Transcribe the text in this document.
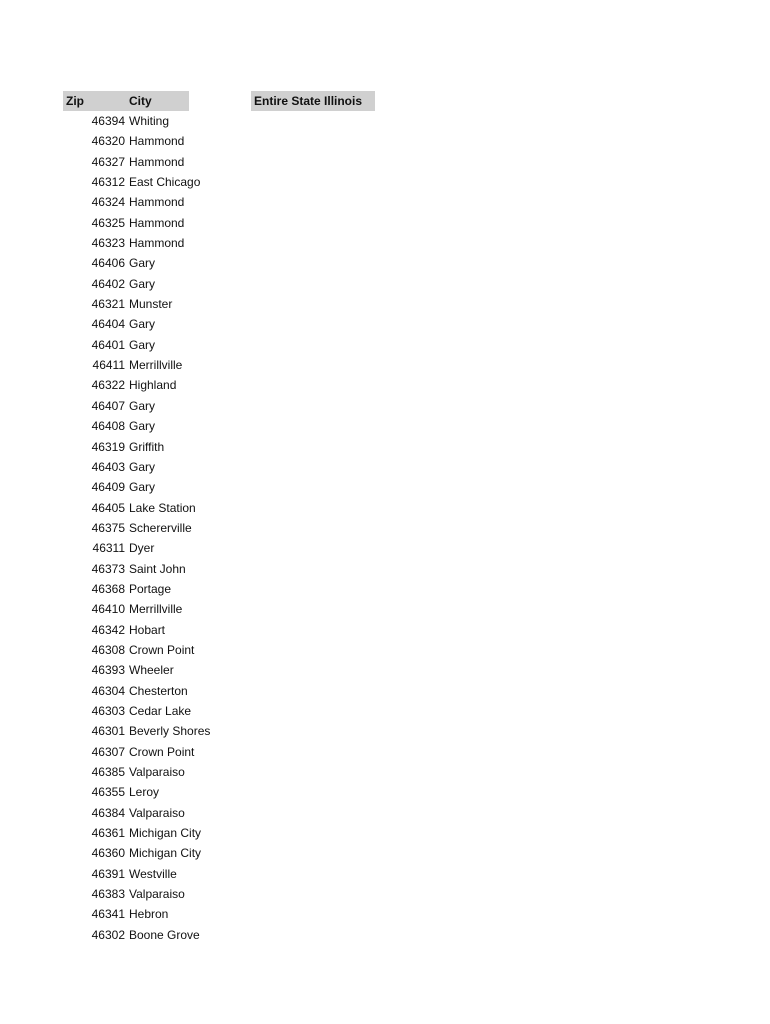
Zip	City	Entire State Illinois
46394 Whiting
46320 Hammond
46327 Hammond
46312 East Chicago
46324 Hammond
46325 Hammond
46323 Hammond
46406 Gary
46402 Gary
46321 Munster
46404 Gary
46401 Gary
46411 Merrillville
46322 Highland
46407 Gary
46408 Gary
46319 Griffith
46403 Gary
46409 Gary
46405 Lake Station
46375 Schererville
46311 Dyer
46373 Saint John
46368 Portage
46410 Merrillville
46342 Hobart
46308 Crown Point
46393 Wheeler
46304 Chesterton
46303 Cedar Lake
46301 Beverly Shores
46307 Crown Point
46385 Valparaiso
46355 Leroy
46384 Valparaiso
46361 Michigan City
46360 Michigan City
46391 Westville
46383 Valparaiso
46341 Hebron
46302 Boone Grove
